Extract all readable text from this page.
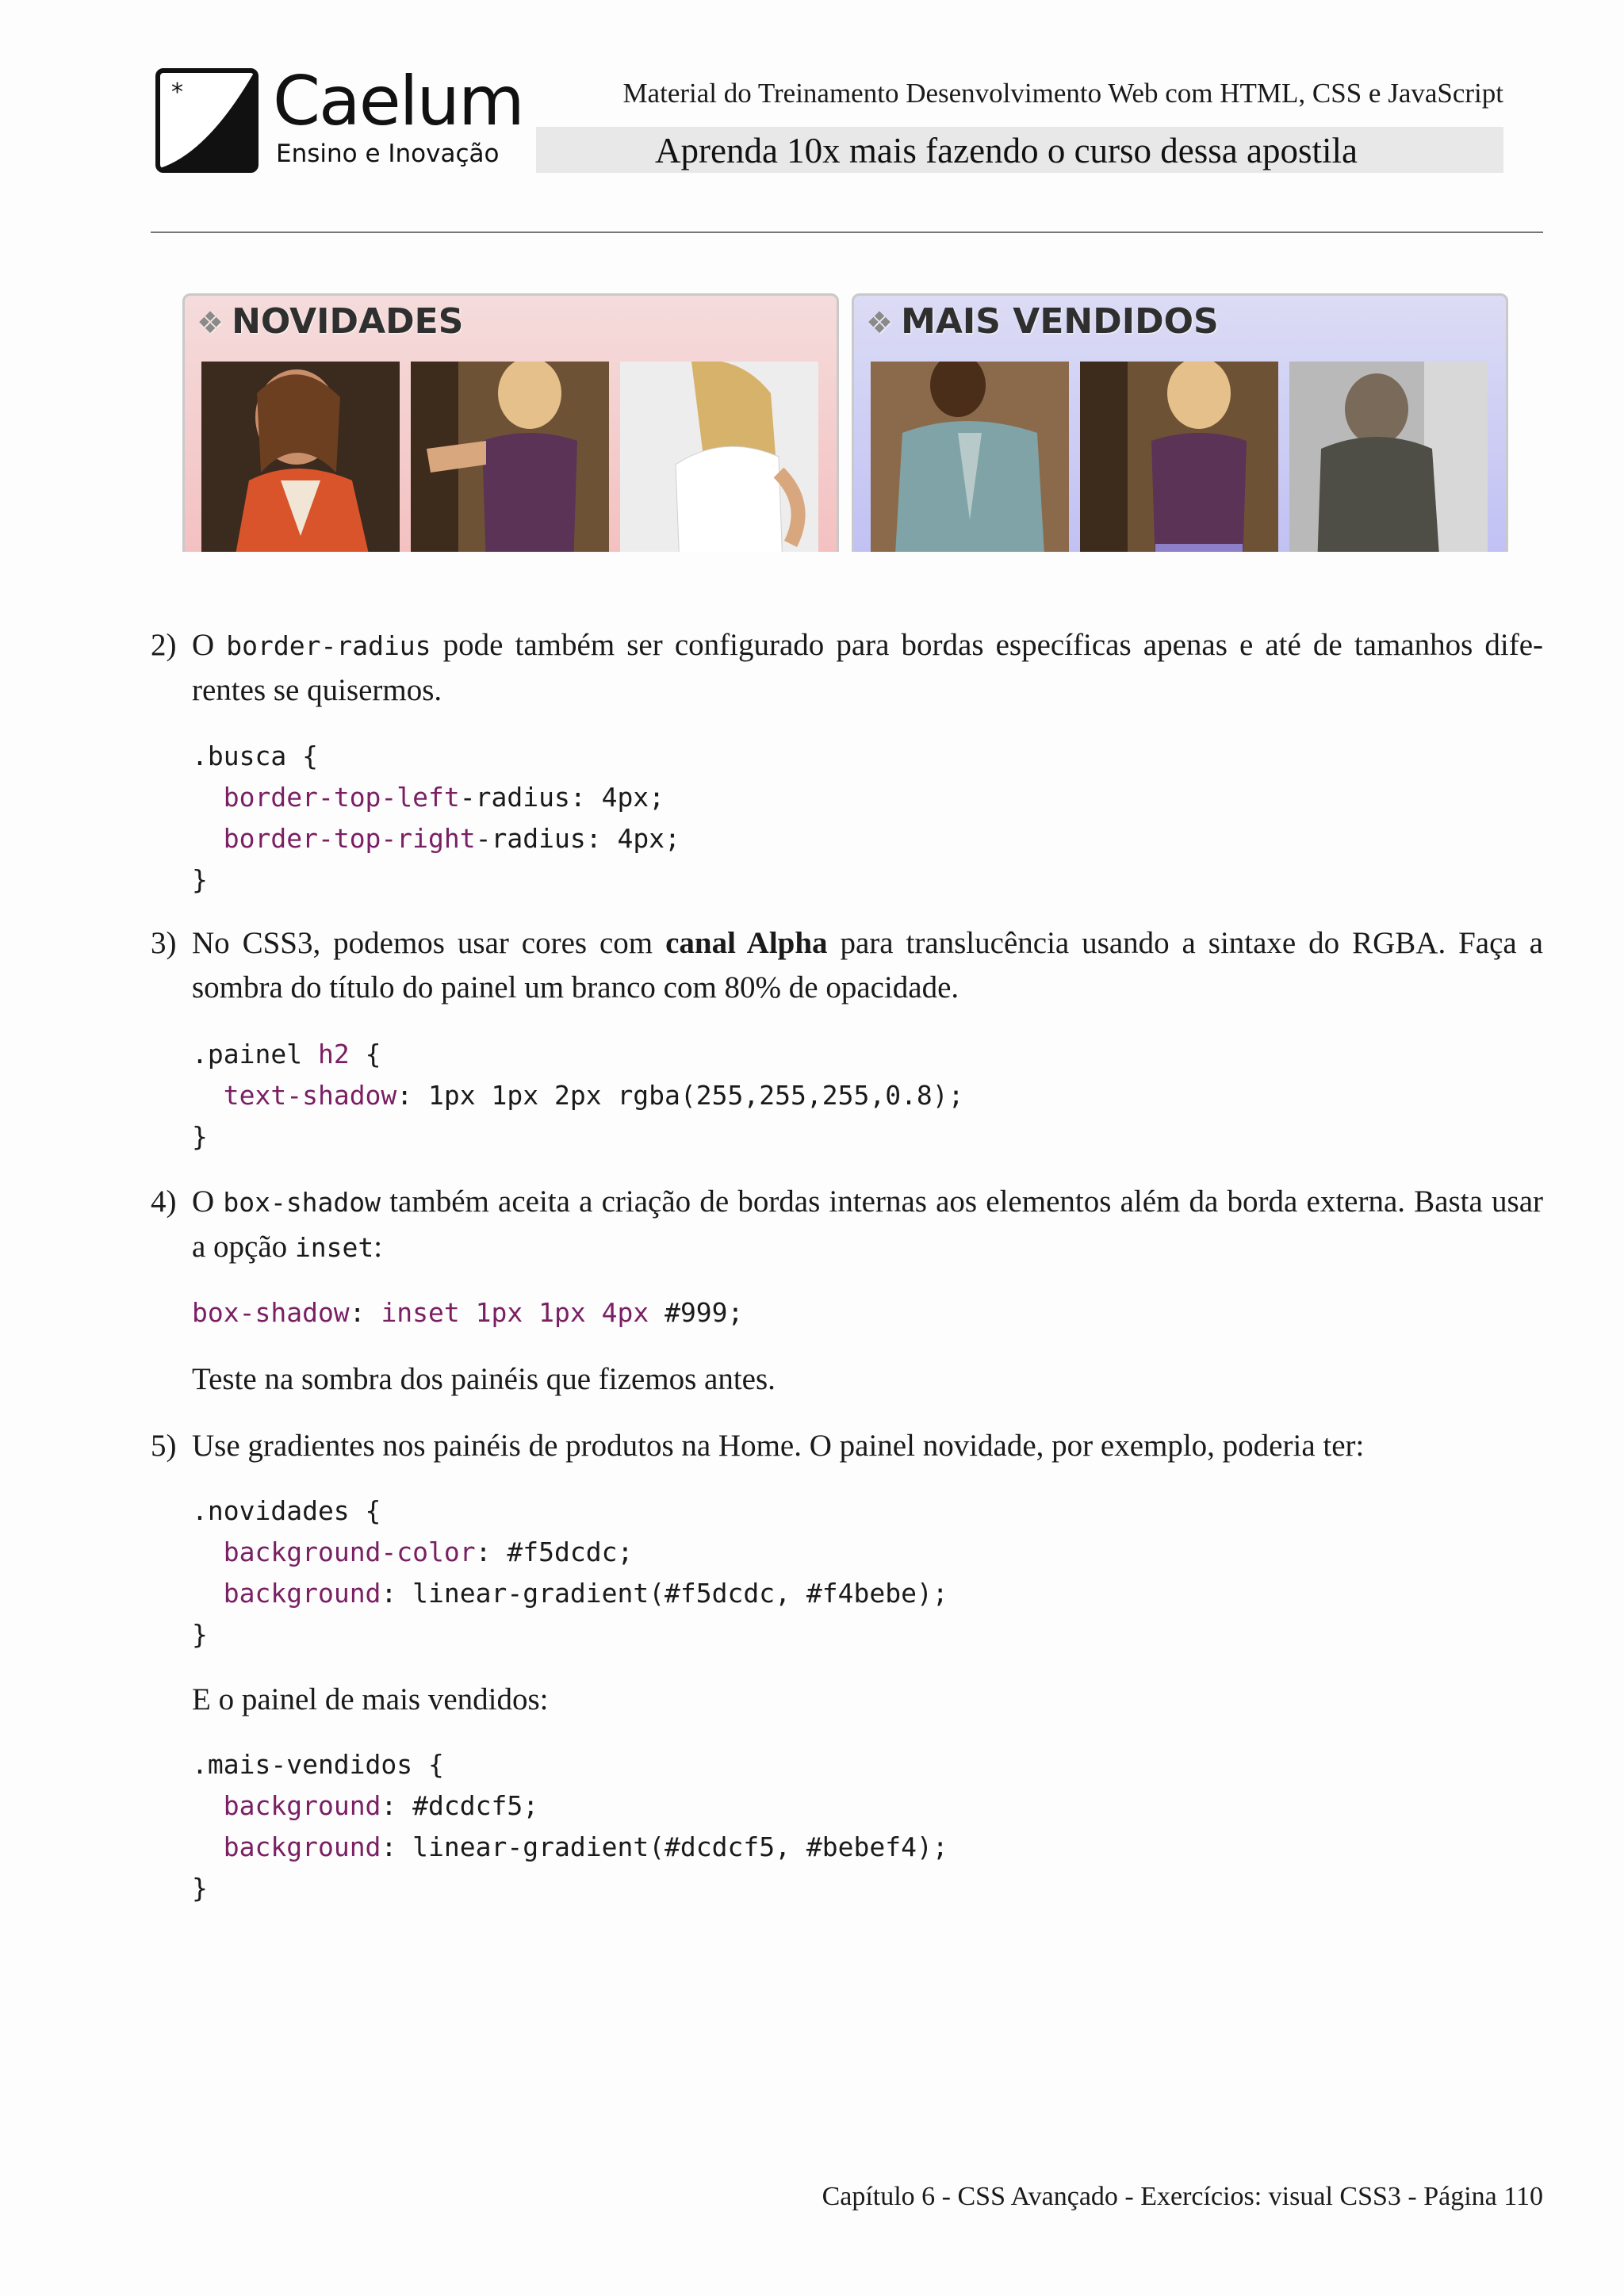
* Caelum
Ensino e Inovação
Material do Treinamento Desenvolvimento Web com HTML, CSS e JavaScript
Aprenda 10x mais fazendo o curso dessa apostila
❖ NOVIDADES	❖ MAIS VENDIDOS
2) O border-radius pode também ser configurado para bordas específicas apenas e até de tamanhos dife- rentes se quisermos.
.busca {
border-top-left-radius: 4px;
border-top-right-radius: 4px;
}
3) No CSS3, podemos usar cores com canal Alpha para translucência usando a sintaxe do RGBA. Faça a sombra do título do painel um branco com 80% de opacidade.
.painel h2 {
text-shadow: 1px 1px 2px rgba(255,255,255,0.8);
}
4) O box-shadow também aceita a criação de bordas internas aos elementos além da borda externa. Basta usar a opção inset:
box-shadow: inset 1px 1px 4px #999;
Teste na sombra dos painéis que fizemos antes.
5) Use gradientes nos painéis de produtos na Home. O painel novidade, por exemplo, poderia ter:
.novidades {
background-color: #f5dcdc;
background: linear-gradient(#f5dcdc, #f4bebe);
}
E o painel de mais vendidos:
.mais-vendidos {
background: #dcdcf5;
background: linear-gradient(#dcdcf5, #bebef4);
}
Capítulo 6 - CSS Avançado - Exercícios: visual CSS3 - Página 110
